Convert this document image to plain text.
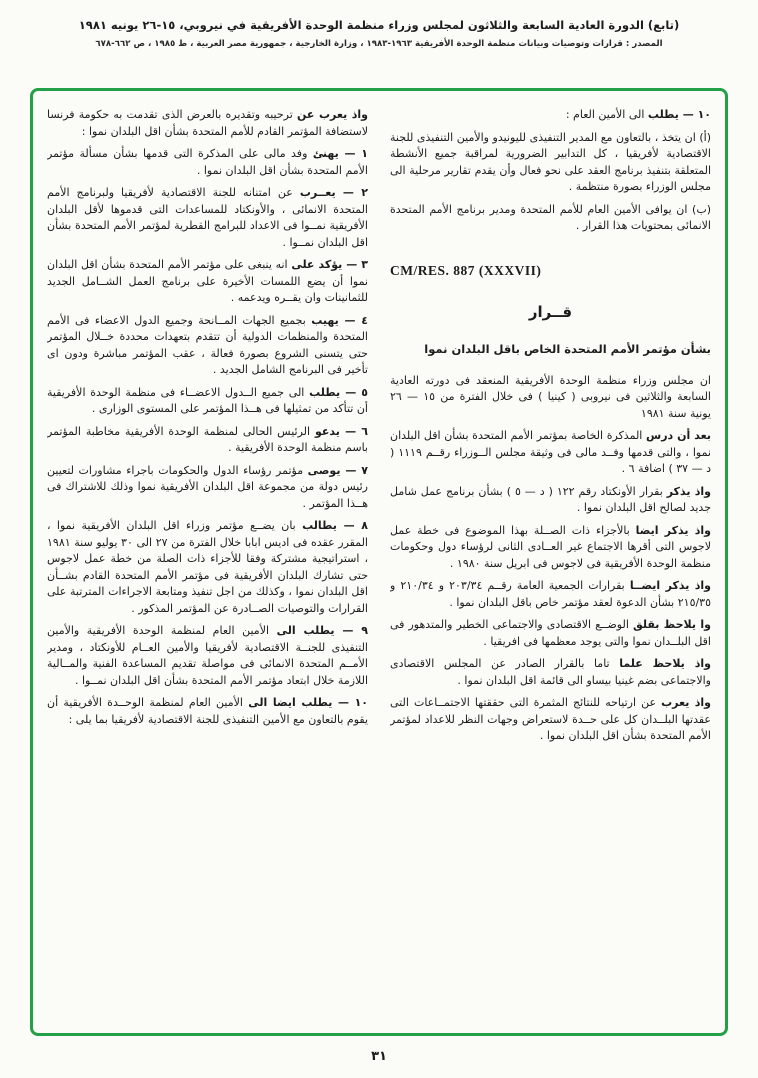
(تابع) الدورة العادية السابعة والثلاثون لمجلس وزراء منظمة الوحدة الأفريقية في نيروبي، ١٥-٢٦ يونيه ١٩٨١
المصدر : قرارات وتوصيات وبيانات منظمة الوحدة الأفريقية ١٩٦٣-١٩٨٣ ، وزارة الخارجية ، جمهورية مصر العربية ، ط ١٩٨٥ ، ص ٦٦٢-٦٧٨
١٠ — يطلب الى الأمين العام :
(أ) ان يتخذ ، بالتعاون مع المدير التنفيذى لليونيدو والأمين التنفيذى للجنة الاقتصادية لأفريقيا ، كل التدابير الضرورية لمراقبة جميع الأنشطة المتعلقة بتنفيذ برنامج العقد على نحو فعال وأن يقدم تقارير مرحلية الى مجلس الوزراء بصورة منتظمة .
(ب) ان يوافى الأمين العام للأمم المتحدة ومدير برنامج الأمم المتحدة الانمائى بمحتويات هذا القرار .
CM/RES. 887 (XXXVII)
قــرار
بشأن مؤتمر الأمم المتحدة الخاص باقل البلدان نموا
ان مجلس وزراء منظمة الوحدة الأفريقية المنعقد فى دورته العادية السابعة والثلاثين فى نيروبى ( كينيا ) فى خلال الفترة من ١٥ — ٢٦ يونية سنة ١٩٨١
بعد أن درس المذكرة الخاصة بمؤتمر الأمم المتحدة بشأن اقل البلدان نموا ، والتى قدمها وفــد مالى فى وثيقة مجلس الــوزراء رقــم ١١١٩ ( د — ٣٧ ) اضافة ٦ .
واذ يذكر بقرار الأونكتاد رقم ١٢٢ ( د — ٥ ) بشأن برنامج عمل شامل جديد لصالح اقل البلدان نموا .
واذ يذكر ايضا بالأجزاء ذات الصــلة بهذا الموضوع فى خطة عمل لاجوس التى أقرها الاجتماع غير العــادى الثانى لرؤساء دول وحكومات منظمة الوحدة الأفريقية فى لاجوس فى ابريل سنة ١٩٨٠ .
واذ يذكر ايضــا بقرارات الجمعية العامة رقــم ٢٠٣/٣٤ و ٢١٠/٣٤ و ٢١٥/٣٥ بشأن الدعوة لعقد مؤتمر خاص باقل البلدان نموا .
وا يلاحظ بقلق الوضــع الاقتصادى والاجتماعى الخطير والمتدهور فى اقل البلــدان نموا والتى يوجد معظمها فى افريقيا .
واذ يلاحظ علما تاما بالقرار الصادر عن المجلس الاقتصادى والاجتماعى بضم غينيا بيساو الى قائمة اقل البلدان نموا .
واذ يعرب عن ارتياحه للنتائج المثمرة التى حققتها الاجتمــاعات التى عقدتها البلــدان كل على حــدة لاستعراض وجهات النظر للاعداد لمؤتمر الأمم المتحدة بشأن اقل البلدان نموا .
واذ يعرب عن ترحيبه وتقديره بالعرض الذى تقدمت به حكومة فرنسا لاستضافة المؤتمر القادم للأمم المتحدة بشأن اقل البلدان نموا :
١ — يهنئ وفد مالى على المذكرة التى قدمها بشأن مسألة مؤتمر الأمم المتحدة بشأن اقل البلدان نموا .
٢ — يعــرب عن امتنانه للجنة الاقتصادية لأفريقيا ولبرنامج الأمم المتحدة الانمائى ، والأونكتاد للمساعدات التى قدموها لأقل البلدان الأفريقية نمــوا فى الاعداد للبرامج القطرية لمؤتمر الأمم المتحدة بشأن اقل البلدان نمــوا .
٣ — يؤكد على انه ينبغى على مؤتمر الأمم المتحدة بشأن اقل البلدان نموا أن يضع اللمسات الأخيرة على برنامج العمل الشــامل الجديد للثمانينات وان يقــره ويدعمه .
٤ — يهيب بجميع الجهات المــانحة وجميع الدول الاعضاء فى الأمم المتحدة والمنظمات الدولية أن تتقدم بتعهدات محددة خــلال المؤتمر حتى يتسنى الشروع بصورة فعالة ، عقب المؤتمر مباشرة ودون اى تأخير فى البرنامج الشامل الجديد .
٥ — يطلب الى جميع الــدول الاعضــاء فى منظمة الوحدة الأفريقية أن تتأكد من تمثيلها فى هــذا المؤتمر على المستوى الوزارى .
٦ — يدعو الرئيس الحالى لمنظمة الوحدة الأفريقية مخاطبة المؤتمر باسم منظمة الوحدة الأفريقية .
٧ — يوصى مؤتمر رؤساء الدول والحكومات باجراء مشاورات لتعيين رئيس دولة من مجموعة اقل البلدان الأفريقية نموا وذلك للاشتراك فى هــذا المؤتمر .
٨ — يطالب بان يضــع مؤتمر وزراء اقل البلدان الأفريقية نموا ، المقرر عقده فى اديس ابابا خلال الفترة من ٢٧ الى ٣٠ يوليو سنة ١٩٨١ ، استراتيجية مشتركة وفقا للأجزاء ذات الصلة من خطة عمل لاجوس حتى تشارك البلدان الأفريقية فى مؤتمر الأمم المتحدة القادم بشــأن اقل البلدان نموا ، وكذلك من اجل تنفيذ ومتابعة الاجراءات المترتبة على القرارات والتوصيات الصــادرة عن المؤتمر المذكور .
٩ — يطلب الى الأمين العام لمنظمة الوحدة الأفريقية والأمين التنفيذى للجنــة الاقتصادية لأفريقيا والأمين العــام للأونكتاد ، ومدير الأمــم المتحدة الانمائى فى مواصلة تقديم المساعدة الفنية والمــالية اللازمة خلال ابتعاد مؤتمر الأمم المتحدة بشأن اقل البلدان نمــوا .
١٠ — يطلب ايضا الى الأمين العام لمنظمة الوحــدة الأفريقية أن يقوم بالتعاون مع الأمين التنفيذى للجنة الاقتصادية لأفريقيا بما يلى :
٣١
